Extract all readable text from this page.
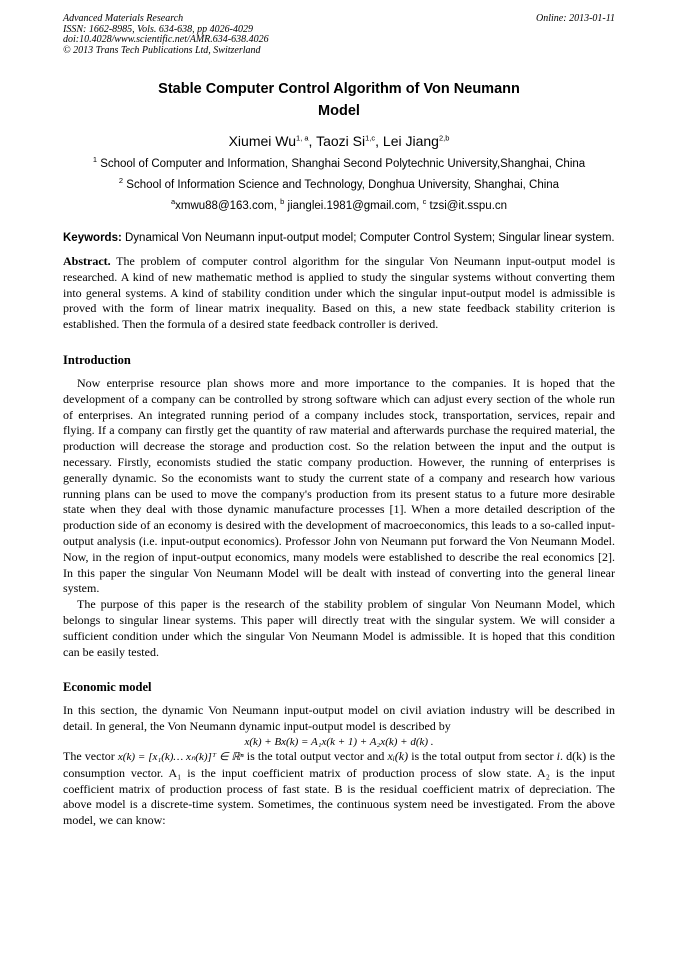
Advanced Materials Research
ISSN: 1662-8985, Vols. 634-638, pp 4026-4029
doi:10.4028/www.scientific.net/AMR.634-638.4026
© 2013 Trans Tech Publications Ltd, Switzerland
Online: 2013-01-11
Stable Computer Control Algorithm of Von Neumann
Model
Xiumei Wu$^{1, a}$, Taozi Si$^{1,c}$, Lei Jiang$^{2,b}$
$^1$ School of Computer and Information, Shanghai Second Polytechnic University,Shanghai, China
$^2$ School of Information Science and Technology, Donghua University, Shanghai, China
$^a$xmwu88@163.com, $^b$ jianglei.1981@gmail.com, $^c$ tzsi@it.sspu.cn
Keywords: Dynamical Von Neumann input-output model; Computer Control System; Singular linear system.
Abstract. The problem of computer control algorithm for the singular Von Neumann input-output model is researched. A kind of new mathematic method is applied to study the singular systems without converting them into general systems. A kind of stability condition under which the singular input-output model is admissible is proved with the form of linear matrix inequality. Based on this, a new state feedback stability criterion is established. Then the formula of a desired state feedback controller is derived.
Introduction

Now enterprise resource plan shows more and more importance to the companies. It is hoped that the development of a company can be controlled by strong software which can adjust every section of the whole run of enterprises. An integrated running period of a company includes stock, transportation, services, repair and flying. If a company can firstly get the quantity of raw material and afterwards purchase the required material, the production will decrease the storage and production cost. So the relation between the input and the output is necessary. Firstly, economists studied the static company production. However, the running of enterprises is generally dynamic. So the economists want to study the current state of a company and research how various running plans can be used to move the company's production from its present status to a future more desirable state when they deal with those dynamic manufacture processes [1]. When a more detailed description of the production side of an economy is desired with the development of macroeconomics, this leads to a so-called input-output analysis (i.e. input-output economics). Professor John von Neumann put forward the Von Neumann Model. Now, in the region of input-output economics, many models were established to describe the real economics [2]. In this paper the singular Von Neumann Model will be dealt with instead of converting into the general linear system.

The purpose of this paper is the research of the stability problem of singular Von Neumann Model, which belongs to singular linear systems. This paper will directly treat with the singular system. We will consider a sufficient condition under which the singular Von Neumann Model is admissible. It is hoped that this condition can be easily tested.

Economic model

In this section, the dynamic Von Neumann input-output model on civil aviation industry will be described in detail. In general, the Von Neumann dynamic input-output model is described by

x(k) + Bx(k) = A₁x(k + 1) + A₂x(k) + d(k) .

The vector x(k) = [x₁(k)… xₙ(k)]ᵀ ∈ ℝⁿ is the total output vector and xᵢ(k) is the total output from sector i. d(k) is the consumption vector. A₁ is the input coefficient matrix of production process of slow state. A₂ is the input coefficient matrix of production process of fast state. B is the residual coefficient matrix of depreciation. The above model is a discrete-time system. Sometimes, the continuous system need be investigated. From the above model, we can know:
